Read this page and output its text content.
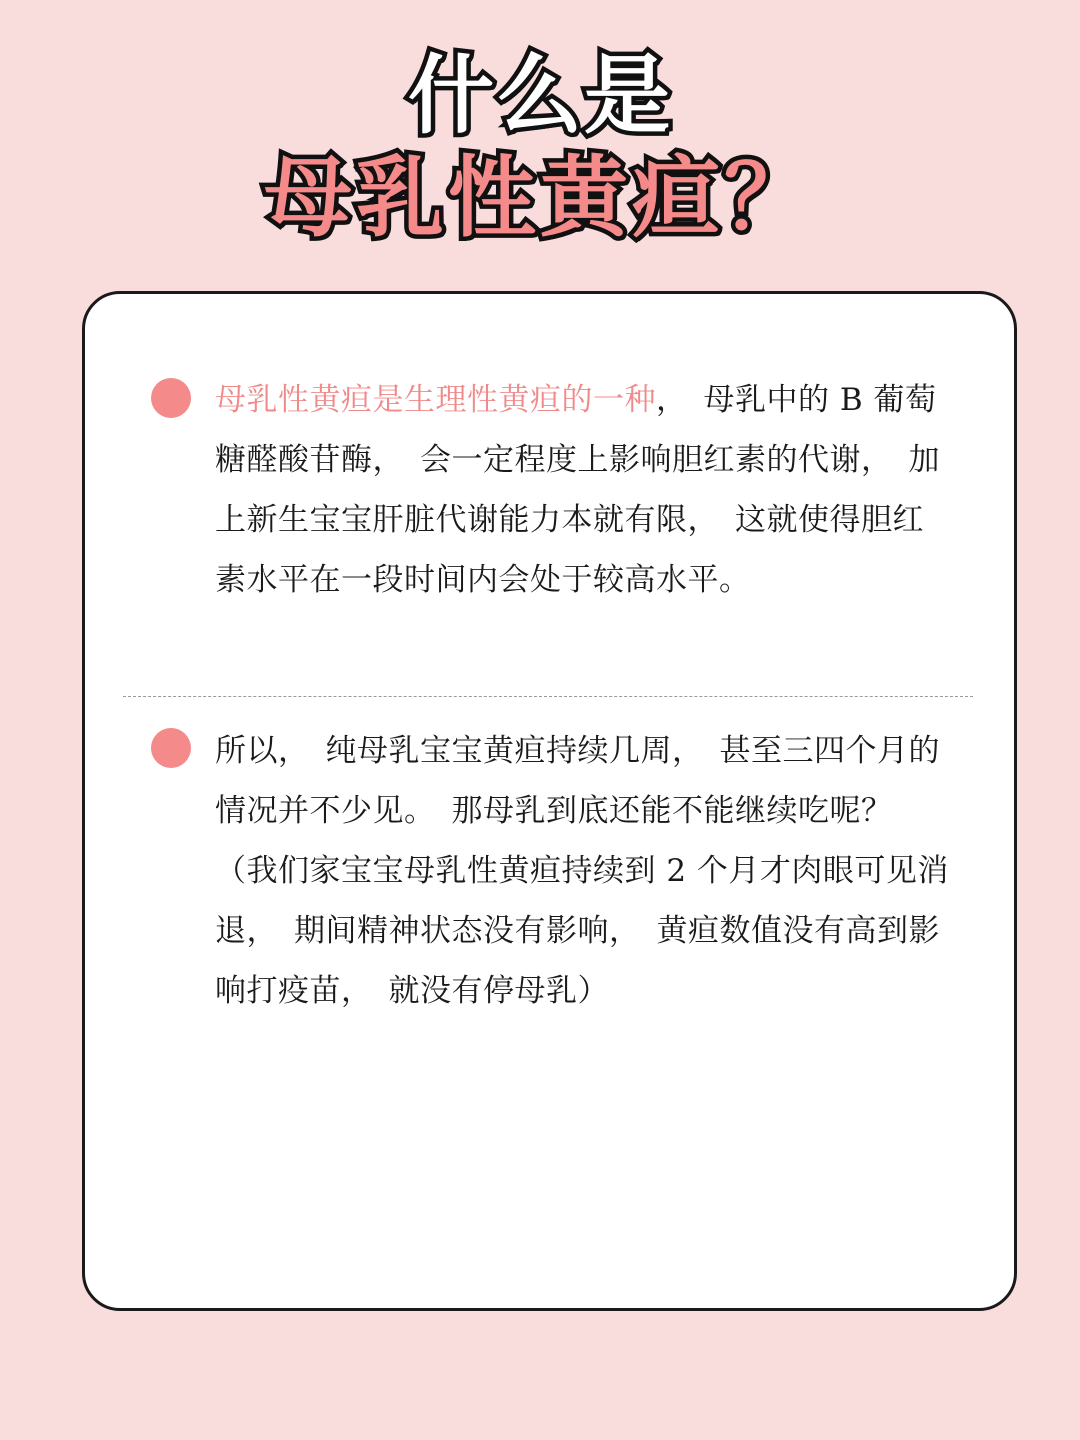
什么是
母乳性黄疸？
母乳性黄疸是生理性黄疸的一种，　母乳中的 B 葡萄糖醛酸苷酶，　会一定程度上影响胆红素的代谢，　加上新生宝宝肝脏代谢能力本就有限，　这就使得胆红素水平在一段时间内会处于较高水平。
所以，　纯母乳宝宝黄疸持续几周，　甚至三四个月的情况并不少见。　那母乳到底还能不能继续吃呢？（我们家宝宝母乳性黄疸持续到 2 个月才肉眼可见消退，　期间精神状态没有影响，　黄疸数值没有高到影响打疫苗，　就没有停母乳）
